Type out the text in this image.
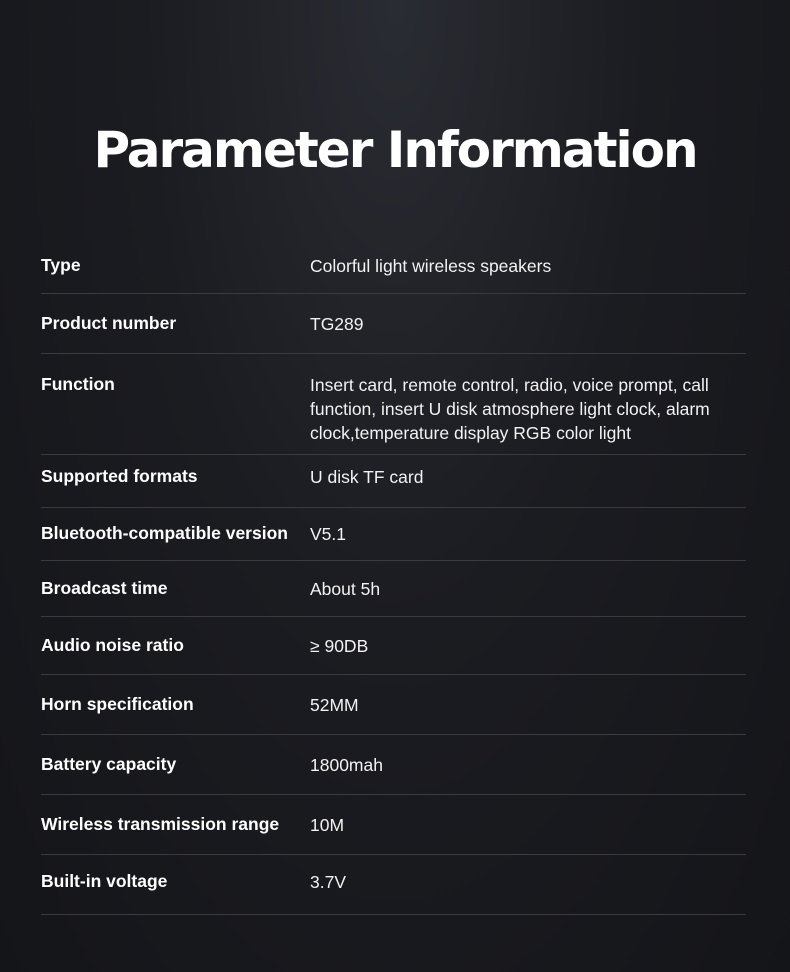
Parameter Information
Type	Colorful light wireless speakers
Product number	TG289
Function	Insert card, remote control, radio, voice prompt, call function, insert U disk atmosphere light clock, alarm clock,temperature display RGB color light
Supported formats	U disk TF card
Bluetooth-compatible version V5.1
Broadcast time	About 5h
Audio noise ratio	≥ 90DB
Horn specification	52MM
Battery capacity	1800mah
Wireless transmission range 10M
Built-in voltage	3.7V
